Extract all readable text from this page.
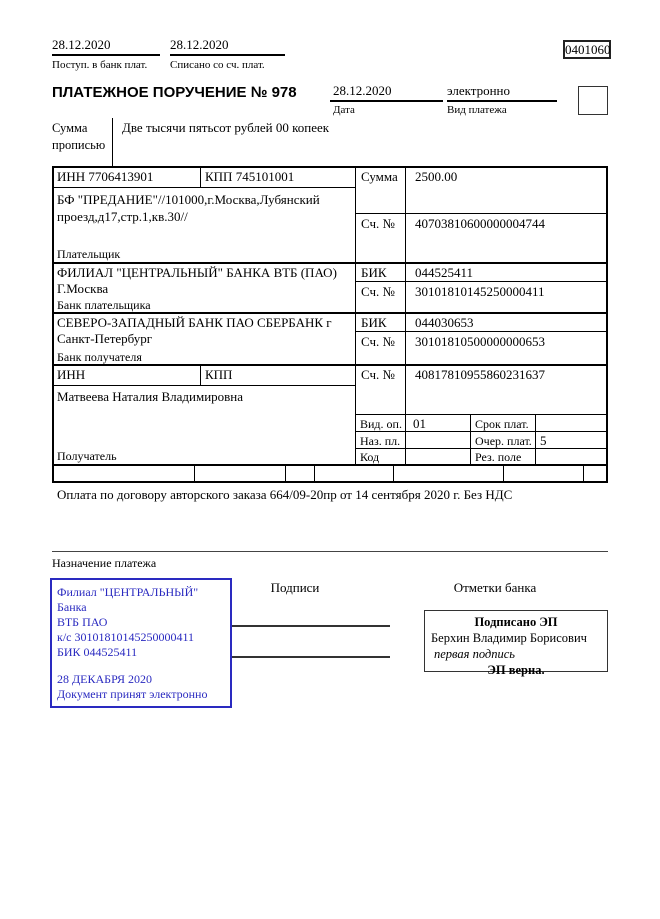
28.12.2020
Поступ. в банк плат.
28.12.2020
Списано со сч. плат.
0401060
ПЛАТЕЖНОЕ ПОРУЧЕНИЕ № 978	28.12.2020
Дата
электронно
Вид платежа
Сумма прописью
Две тысячи пятьсот рублей 00 копеек
ИНН 7706413901	КПП 745101001	Сумма 2500.00
БФ "ПРЕДАНИЕ"//101000,г.Москва,Лубянский проезд,д17,стр.1,кв.30//	Сч. № 40703810600000004744
Плательщик
ФИЛИАЛ "ЦЕНТРАЛЬНЫЙ" БАНКА ВТБ (ПАО)
Г.Москва
БИК 044525411
Сч. № 30101810145250000411
Банк плательщика
СЕВЕРО-ЗАПАДНЫЙ БАНК ПАО СБЕРБАНК г
Санкт-Петербург
БИК 044030653
Сч. № 30101810500000000653
Банк получателя
ИНН	КПП	Сч. № 40817810955860231637
Матвеева Наталия Владимировна
Вид. оп. 01	Срок плат.
Наз. пл.	Очер. плат. 5
Код	Рез. поле
Получатель
Оплата по договору авторского заказа 664/09-20пр от 14 сентября 2020 г. Без НДС
Назначение платежа
Подписи	Отметки банка
Филиал "ЦЕНТРАЛЬНЫЙ" Банка
ВТБ ПАО
к/с 30101810145250000411
БИК 044525411
28 ДЕКАБРЯ 2020
Документ принят электронно
Подписано ЭП
Берхин Владимир Борисович
первая подпись
ЭП верна.
